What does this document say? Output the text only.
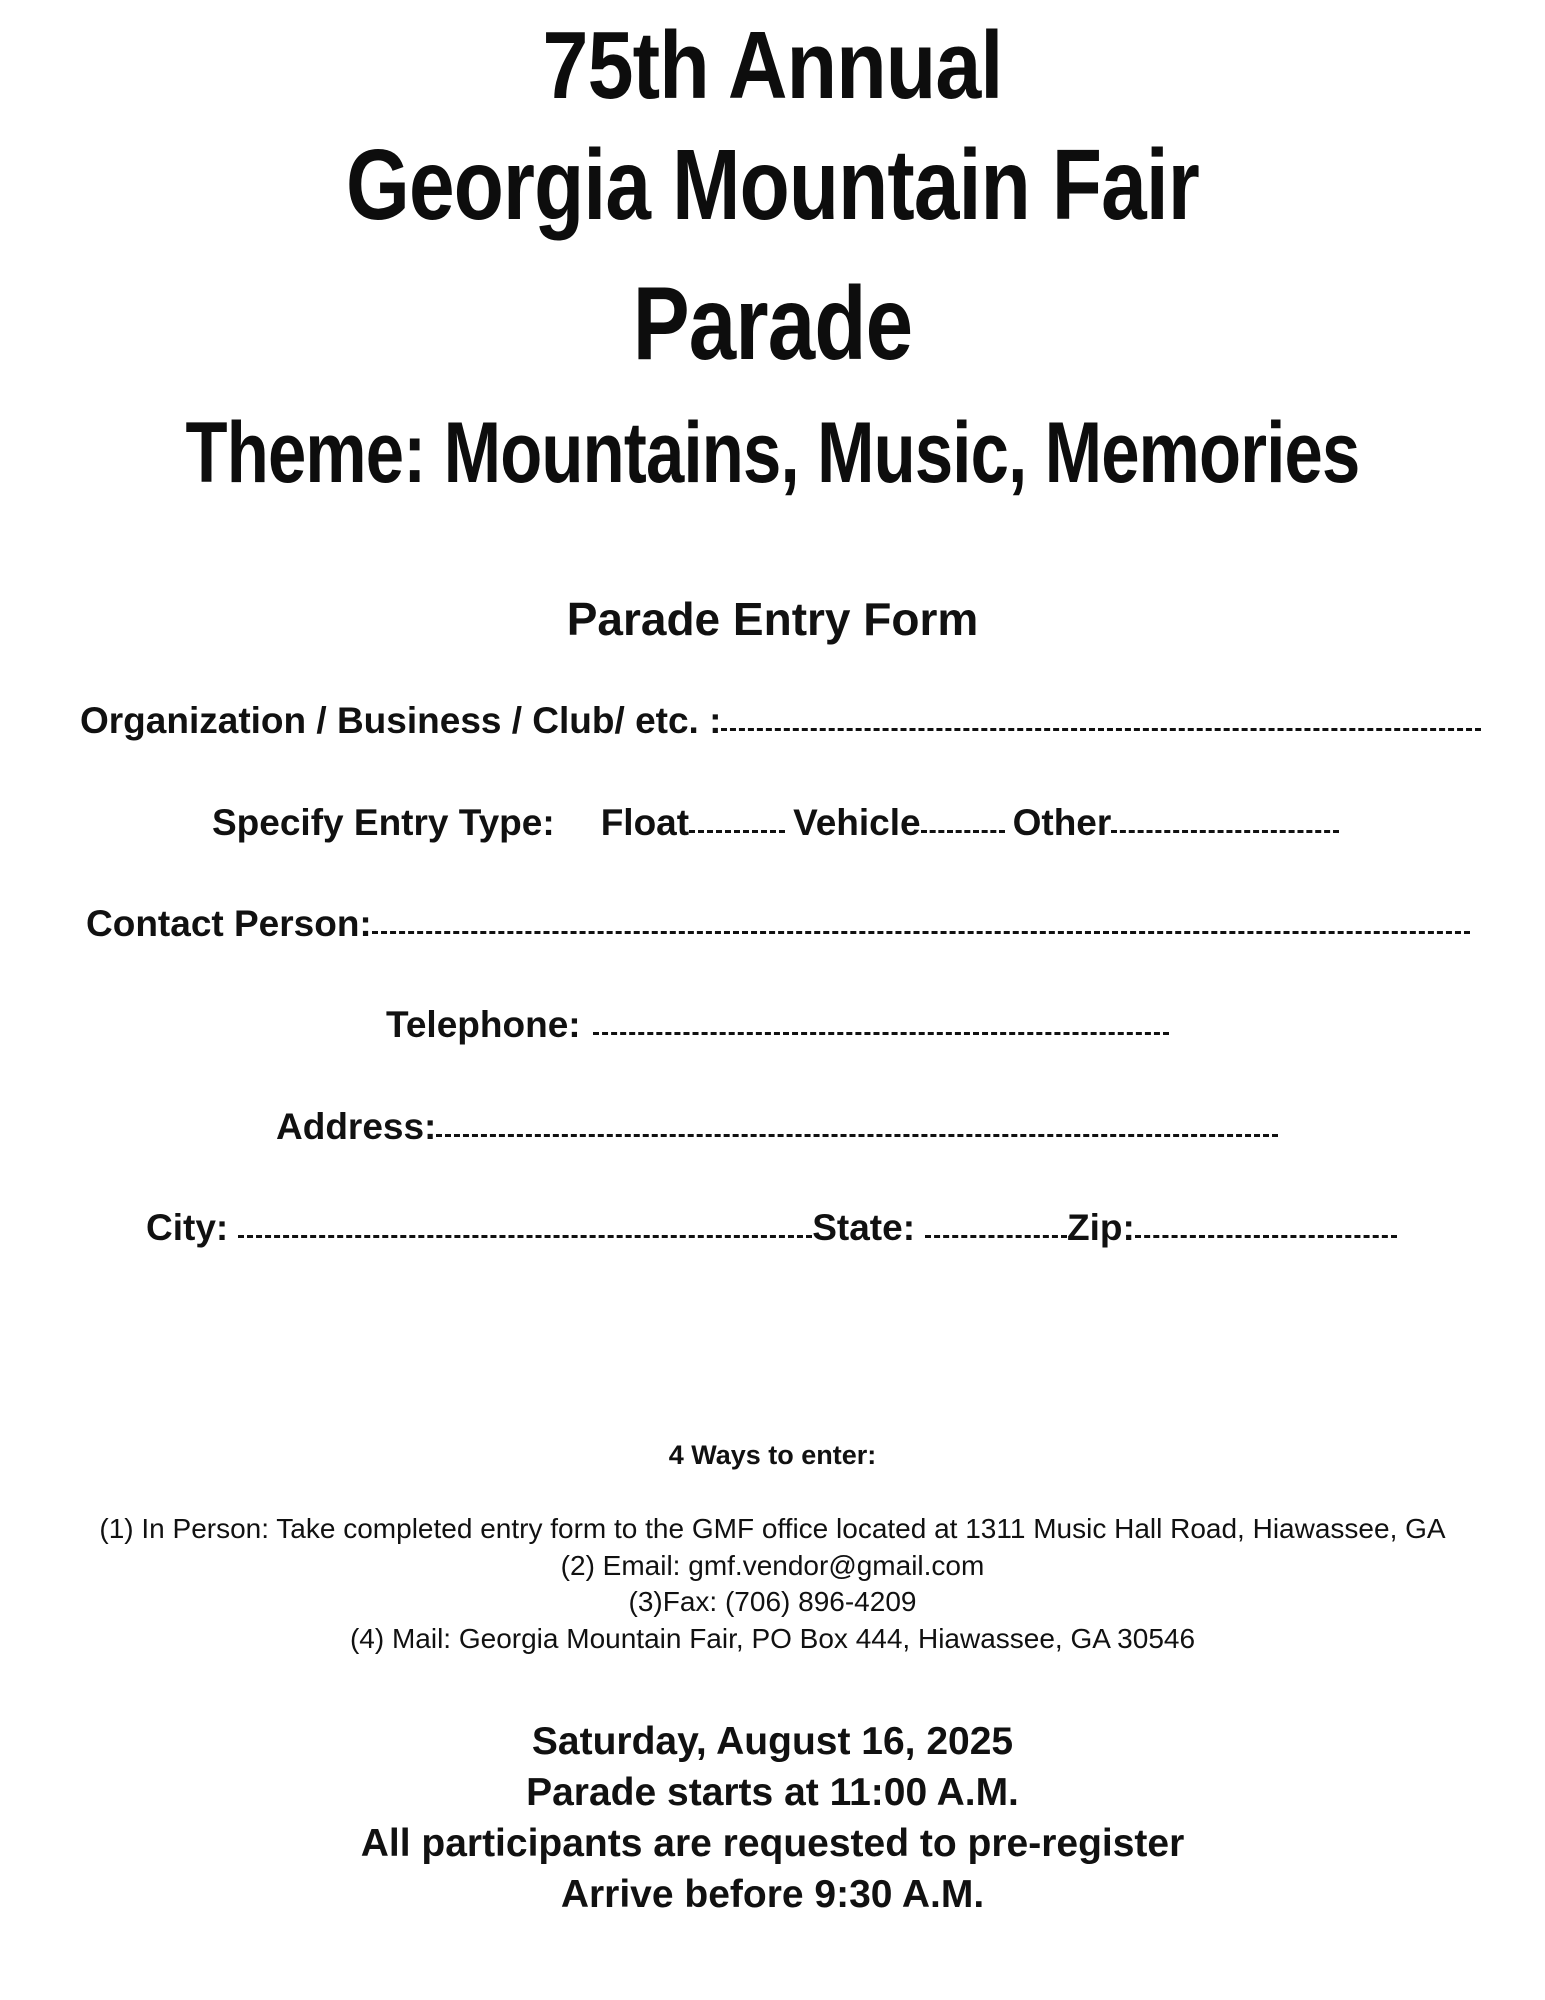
75th Annual
Georgia Mountain Fair
Parade
Theme: Mountains, Music, Memories
Parade Entry Form
Organization / Business / Club/ etc. :
Specify Entry Type: Float	Vehicle Other
Contact Person:
Telephone:
Address:
City:	State:	Zip:
4 Ways to enter:
(1) In Person: Take completed entry form to the GMF office located at 1311 Music Hall Road, Hiawassee, GA
(2) Email: gmf.vendor@gmail.com
(3)Fax: (706) 896-4209
(4) Mail: Georgia Mountain Fair, PO Box 444, Hiawassee, GA 30546
Saturday, August 16, 2025
Parade starts at 11:00 A.M.
All participants are requested to pre-register
Arrive before 9:30 A.M.
